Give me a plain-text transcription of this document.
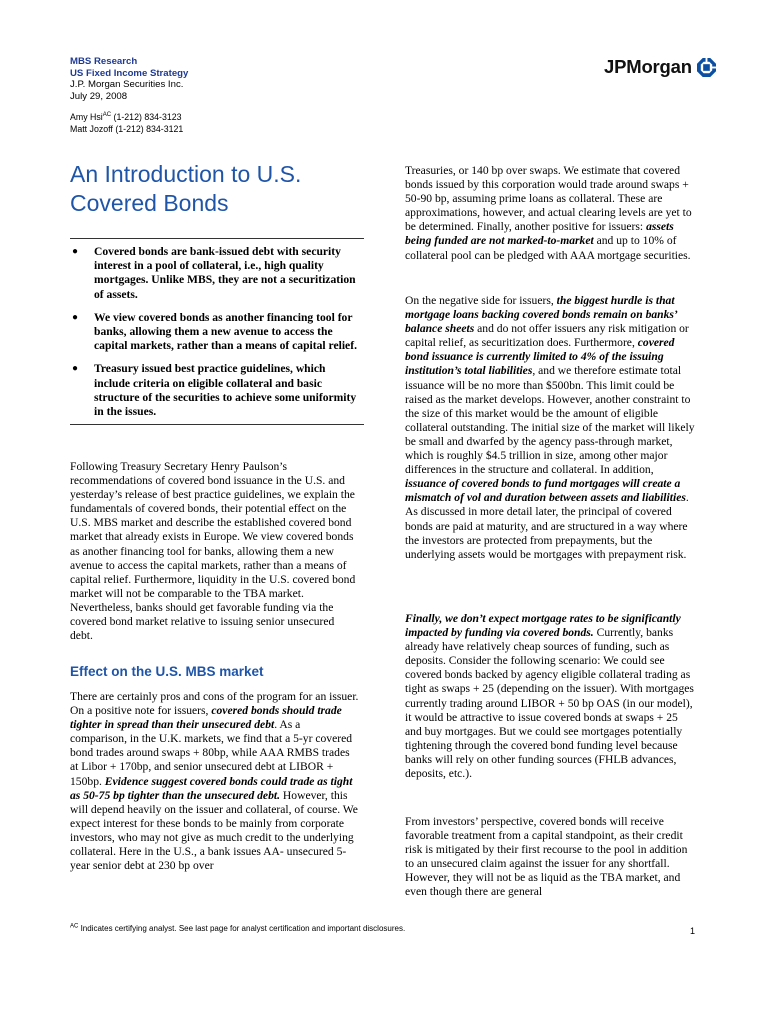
MBS Research
US Fixed Income Strategy
J.P. Morgan Securities Inc.
July 29, 2008
Amy Hsi$^{AC}$ (1-212) 834-3123
Matt Jozoff (1-212) 834-3121
JPMorgan
An Introduction to U.S. Covered Bonds
● Covered bonds are bank-issued debt with security interest in a pool of collateral, i.e., high quality mortgages. Unlike MBS, they are not a securitization of assets.
● We view covered bonds as another financing tool for banks, allowing them a new avenue to access the capital markets, rather than a means of capital relief.
● Treasury issued best practice guidelines, which include criteria on eligible collateral and basic structure of the securities to achieve some uniformity in the issues.

Following Treasury Secretary Henry Paulson’s recommendations of covered bond issuance in the U.S. and yesterday’s release of best practice guidelines, we explain the fundamentals of covered bonds, their potential effect on the U.S. MBS market and describe the established covered bond market that already exists in Europe. We view covered bonds as another financing tool for banks, allowing them a new avenue to access the capital markets, rather than a means of capital relief. Furthermore, liquidity in the U.S. covered bond market will not be comparable to the TBA market. Nevertheless, banks should get favorable funding via the covered bond market relative to issuing senior unsecured debt.

Effect on the U.S. MBS market

There are certainly pros and cons of the program for an issuer. On a positive note for issuers, covered bonds should trade tighter in spread than their unsecured debt. As a comparison, in the U.K. markets, we find that a 5-yr covered bond trades around swaps + 80bp, while AAA RMBS trades at Libor + 170bp, and senior unsecured debt at LIBOR + 150bp. Evidence suggest covered bonds could trade as tight as 50-75 bp tighter than the unsecured debt. However, this will depend heavily on the issuer and collateral, of course. We expect interest for these bonds to be mainly from corporate investors, who may not give as much credit to the underlying collateral. Here in the U.S., a bank issues AA- unsecured 5-year senior debt at 230 bp over

Treasuries, or 140 bp over swaps. We estimate that covered bonds issued by this corporation would trade around swaps + 50-90 bp, assuming prime loans as collateral. These are approximations, however, and actual clearing levels are yet to be determined. Finally, another positive for issuers: assets being funded are not marked-to-market and up to 10% of collateral pool can be pledged with AAA mortgage securities.

On the negative side for issuers, the biggest hurdle is that mortgage loans backing covered bonds remain on banks’ balance sheets and do not offer issuers any risk mitigation or capital relief, as securitization does. Furthermore, covered bond issuance is currently limited to 4% of the issuing institution’s total liabilities, and we therefore estimate total issuance will be no more than $500bn. This limit could be raised as the market develops. However, another constraint to the size of this market would be the amount of eligible collateral outstanding. The initial size of the market will likely be small and dwarfed by the agency pass-through market, which is roughly $4.5 trillion in size, among other major differences in the structure and collateral. In addition, issuance of covered bonds to fund mortgages will create a mismatch of vol and duration between assets and liabilities. As discussed in more detail later, the principal of covered bonds are paid at maturity, and are structured in a way where the investors are protected from prepayments, but the underlying assets would be mortgages with prepayment risk.

Finally, we don’t expect mortgage rates to be significantly impacted by funding via covered bonds. Currently, banks already have relatively cheap sources of funding, such as deposits. Consider the following scenario: We could see covered bonds backed by agency eligible collateral trading as tight as swaps + 25 (depending on the issuer). With mortgages currently trading around LIBOR + 50 bp OAS (in our model), it would be attractive to issue covered bonds at swaps + 25 and buy mortgages. But we could see mortgages potentially tightening through the covered bond funding level because banks will rely on other funding sources (FHLB advances, deposits, etc.).

From investors’ perspective, covered bonds will receive favorable treatment from a capital standpoint, as their credit risk is mitigated by their first recourse to the pool in addition to an unsecured claim against the issuer for any shortfall. However, they will not be as liquid as the TBA market, and even though there are general

$^{AC}$ Indicates certifying analyst. See last page for analyst certification and important disclosures.	1
